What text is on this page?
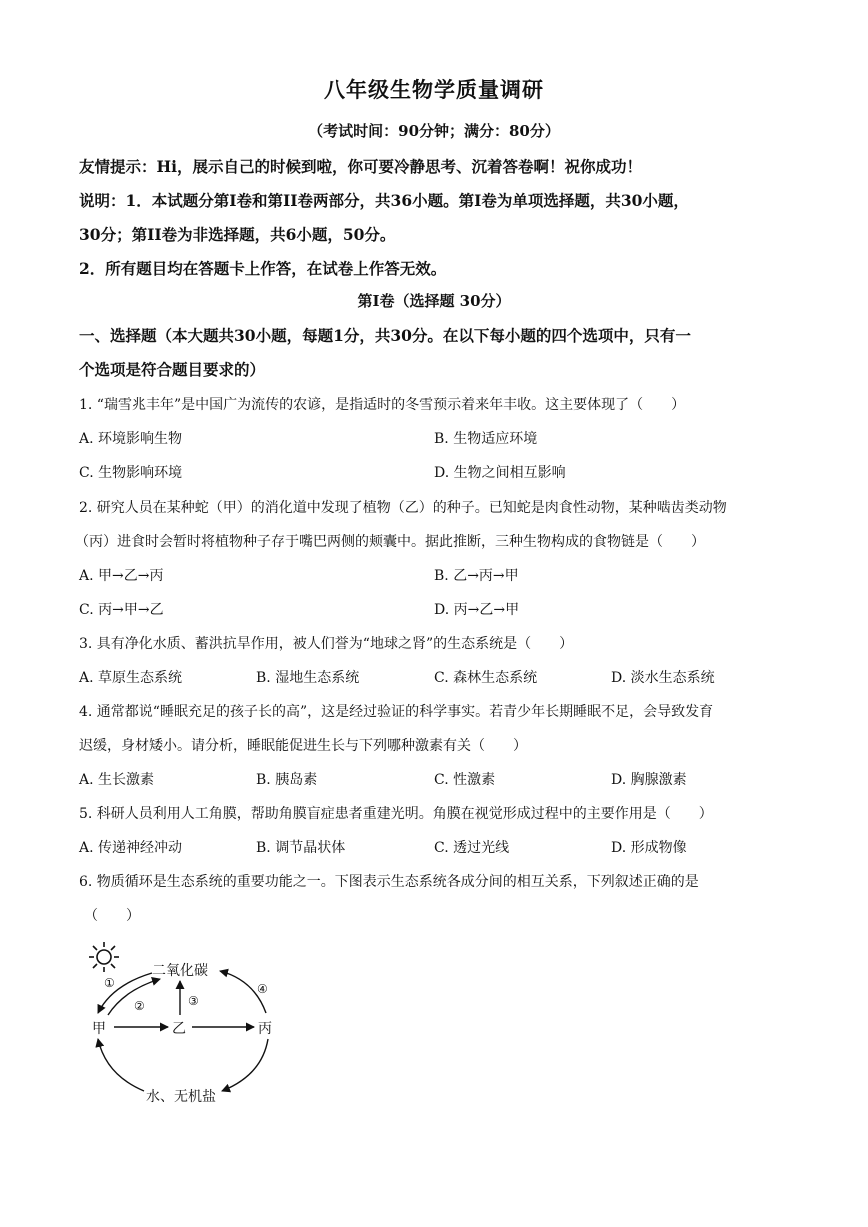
八年级生物学质量调研
（考试时间：90分钟；满分：80分）
友情提示：Hi，展示自己的时候到啦，你可要冷静思考、沉着答卷啊！祝你成功！
说明：1．本试题分第Ⅰ卷和第II卷两部分，共36小题。第Ⅰ卷为单项选择题，共30小题，
30分；第II卷为非选择题，共6小题，50分。
2．所有题目均在答题卡上作答，在试卷上作答无效。
第Ⅰ卷（选择题 30分）
一、选择题（本大题共30小题，每题1分，共30分。在以下每小题的四个选项中，只有一
个选项是符合题目要求的）
1. “瑞雪兆丰年”是中国广为流传的农谚，是指适时的冬雪预示着来年丰收。这主要体现了（　　）
A. 环境影响生物	B. 生物适应环境
C. 生物影响环境	D. 生物之间相互影响
2. 研究人员在某种蛇（甲）的消化道中发现了植物（乙）的种子。已知蛇是肉食性动物，某种啮齿类动物
（丙）进食时会暂时将植物种子存于嘴巴两侧的颊囊中。据此推断，三种生物构成的食物链是（　　）
A. 甲→乙→丙	B. 乙→丙→甲
C. 丙→甲→乙	D. 丙→乙→甲
3. 具有净化水质、蓄洪抗旱作用，被人们誉为“地球之肾”的生态系统是（　　）
A. 草原生态系统	B. 湿地生态系统	C. 森林生态系统	D. 淡水生态系统
4. 通常都说“睡眠充足的孩子长的高”，这是经过验证的科学事实。若青少年长期睡眠不足，会导致发育
迟缓，身材矮小。请分析，睡眠能促进生长与下列哪种激素有关（　　）
A. 生长激素	B. 胰岛素	C. 性激素	D. 胸腺激素
5. 科研人员利用人工角膜，帮助角膜盲症患者重建光明。角膜在视觉形成过程中的主要作用是（　　）
A. 传递神经冲动	B. 调节晶状体	C. 透过光线	D. 形成物像
6. 物质循环是生态系统的重要功能之一。下图表示生态系统各成分间的相互关系，下列叙述正确的是
（　　）
二氧化碳
甲	乙	丙
水、无机盐
①
②	③
④
